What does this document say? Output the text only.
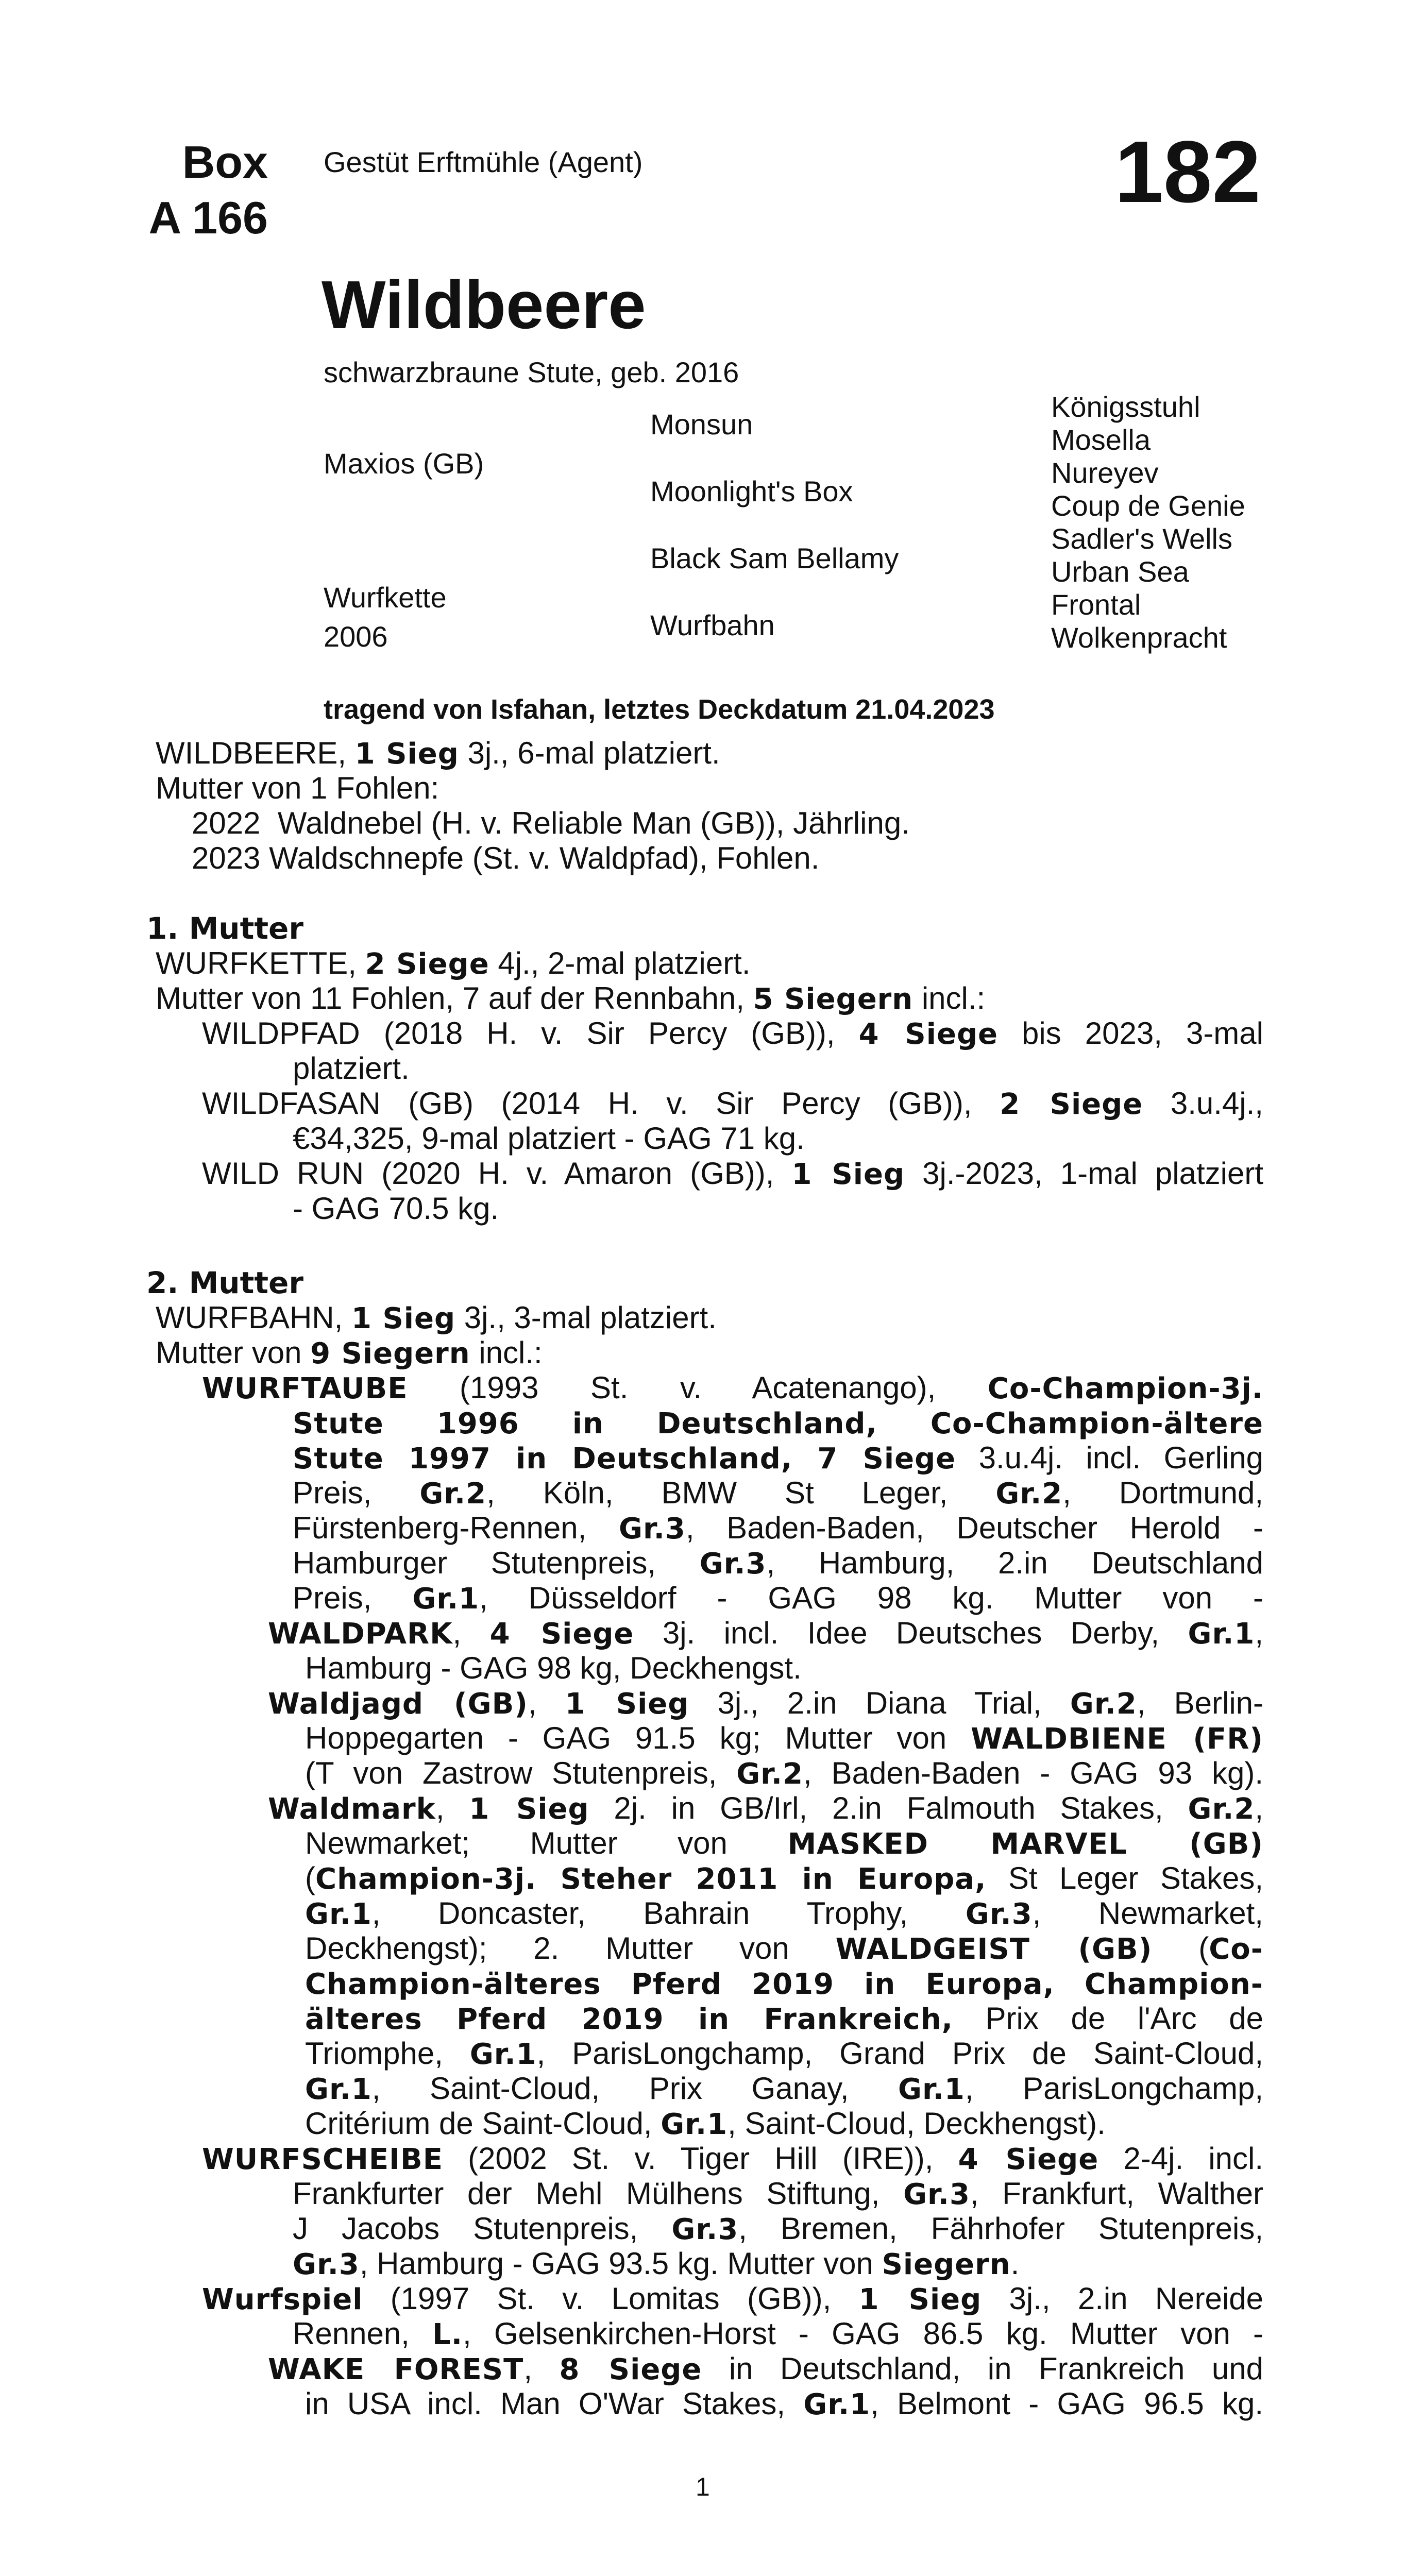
Box
A 166
Gestüt Erftmühle (Agent)	182
Wildbeere
schwarzbraune Stute, geb. 2016
Maxios (GB)
Wurfkette
2006
Monsun
Moonlight's Box
Black Sam Bellamy
Wurfbahn
Königsstuhl
Mosella
Nureyev
Coup de Genie
Sadler's Wells
Urban Sea
Frontal
Wolkenpracht
tragend von Isfahan, letztes Deckdatum 21.04.2023
WILDBEERE, 1 Sieg 3j., 6-mal platziert.
Mutter von 1 Fohlen:
2022  Waldnebel (H. v. Reliable Man (GB)), Jährling.
2023 Waldschnepfe (St. v. Waldpfad), Fohlen.
1. Mutter
WURFKETTE, 2 Siege 4j., 2-mal platziert.
Mutter von 11 Fohlen, 7 auf der Rennbahn, 5 Siegern incl.:
WILDPFAD (2018 H. v. Sir Percy (GB)), 4 Siege bis 2023, 3-mal
platziert.
WILDFASAN (GB) (2014 H. v. Sir Percy (GB)), 2 Siege 3.u.4j.,
€34,325, 9-mal platziert - GAG 71 kg.
WILD RUN (2020 H. v. Amaron (GB)), 1 Sieg 3j.-2023, 1-mal platziert
- GAG 70.5 kg.
2. Mutter
WURFBAHN, 1 Sieg 3j., 3-mal platziert.
Mutter von 9 Siegern incl.:
WURFTAUBE (1993 St. v. Acatenango), Co-Champion-3j.
Stute 1996 in Deutschland, Co-Champion-ältere
Stute 1997 in Deutschland, 7 Siege 3.u.4j. incl. Gerling
Preis, Gr.2, Köln, BMW St Leger, Gr.2, Dortmund,
Fürstenberg-Rennen, Gr.3, Baden-Baden, Deutscher Herold -
Hamburger Stutenpreis, Gr.3, Hamburg, 2.in Deutschland
Preis, Gr.1, Düsseldorf - GAG 98 kg. Mutter von -
WALDPARK, 4 Siege 3j. incl. Idee Deutsches Derby, Gr.1,
Hamburg - GAG 98 kg, Deckhengst.
Waldjagd (GB), 1 Sieg 3j., 2.in Diana Trial, Gr.2, Berlin-
Hoppegarten - GAG 91.5 kg; Mutter von WALDBIENE (FR)
(T von Zastrow Stutenpreis, Gr.2, Baden-Baden - GAG 93 kg).
Waldmark, 1 Sieg 2j. in GB/Irl, 2.in Falmouth Stakes, Gr.2,
Newmarket; Mutter von MASKED MARVEL (GB)
(Champion-3j. Steher 2011 in Europa, St Leger Stakes,
Gr.1, Doncaster, Bahrain Trophy, Gr.3, Newmarket,
Deckhengst); 2. Mutter von WALDGEIST (GB) (Co-
Champion-älteres Pferd 2019 in Europa, Champion-
älteres Pferd 2019 in Frankreich, Prix de l'Arc de
Triomphe, Gr.1, ParisLongchamp, Grand Prix de Saint-Cloud,
Gr.1, Saint-Cloud, Prix Ganay, Gr.1, ParisLongchamp,
Critérium de Saint-Cloud, Gr.1, Saint-Cloud, Deckhengst).
WURFSCHEIBE (2002 St. v. Tiger Hill (IRE)), 4 Siege 2-4j. incl.
Frankfurter der Mehl Mülhens Stiftung, Gr.3, Frankfurt, Walther
J Jacobs Stutenpreis, Gr.3, Bremen, Fährhofer Stutenpreis,
Gr.3, Hamburg - GAG 93.5 kg. Mutter von Siegern.
Wurfspiel (1997 St. v. Lomitas (GB)), 1 Sieg 3j., 2.in Nereide
Rennen, L., Gelsenkirchen-Horst - GAG 86.5 kg. Mutter von -
WAKE FOREST, 8 Siege in Deutschland, in Frankreich und
in USA incl. Man O'War Stakes, Gr.1, Belmont - GAG 96.5 kg.
1
